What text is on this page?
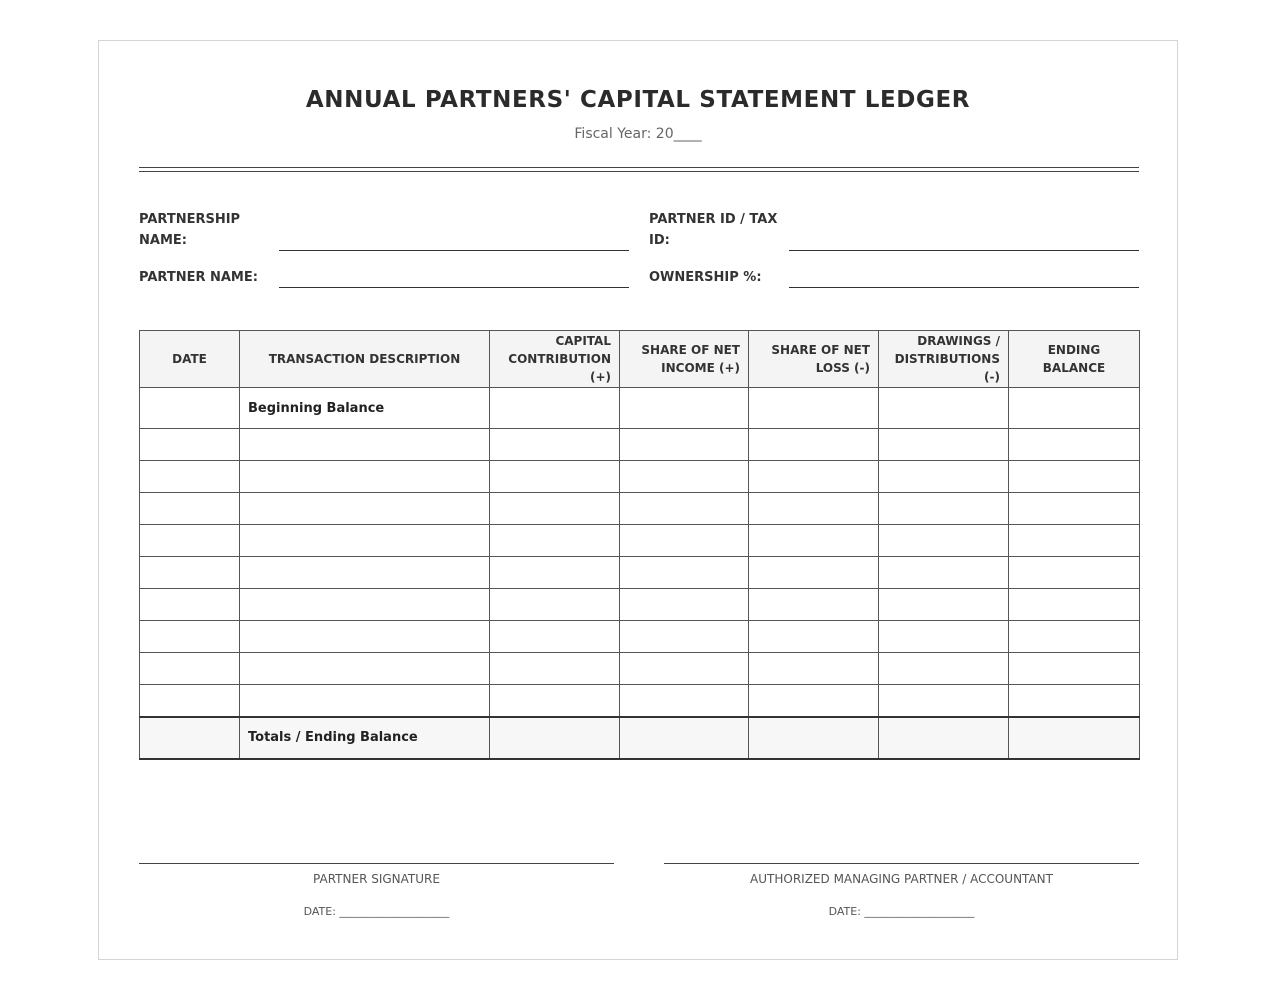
ANNUAL PARTNERS' CAPITAL STATEMENT LEDGER
Fiscal Year: 20____
PARTNERSHIP NAME:
PARTNER ID / TAX ID:
PARTNER NAME:	OWNERSHIP %:
DATE	TRANSACTION DESCRIPTION	CAPITAL CONTRIBUTION (+)	SHARE OF NET INCOME (+)	SHARE OF NET LOSS (-)	DRAWINGS / DISTRIBUTIONS (-)	ENDING BALANCE
	Beginning Balance					

	Totals / Ending Balance					
PARTNER SIGNATURE
DATE: ____________________
AUTHORIZED MANAGING PARTNER / ACCOUNTANT
DATE: ____________________
